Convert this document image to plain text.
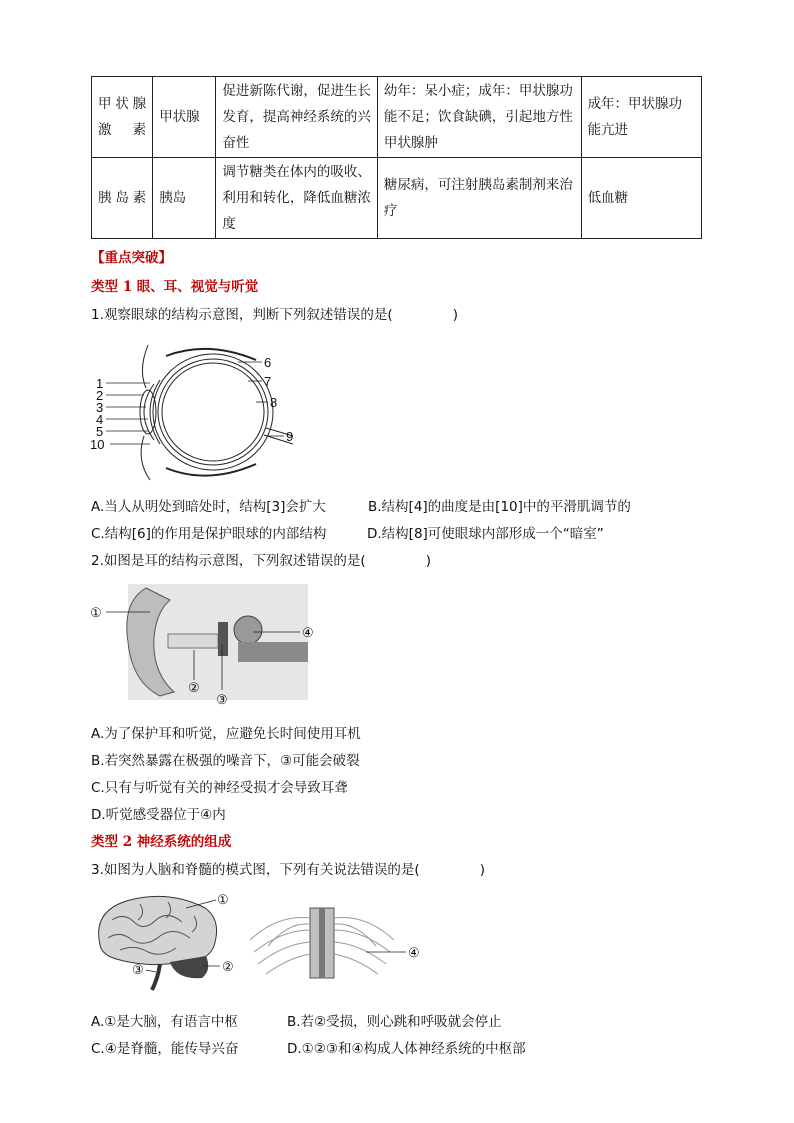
甲状腺激素	甲状腺	促进新陈代谢，促进生长发育，提高神经系统的兴奋性	幼年：呆小症；成年：甲状腺功能不足；饮食缺碘，引起地方性甲状腺肿	成年：甲状腺功能亢进
胰岛素	胰岛	调节糖类在体内的吸收、利用和转化，降低血糖浓度	糖尿病，可注射胰岛素制剂来治疗	低血糖
【重点突破】
类型 1 眼、耳、视觉与听觉
1.观察眼球的结构示意图，判断下列叙述错误的是(              )
1
2
3
4
5
10
6
7
8
9
A.当人从明处到暗处时，结构[3]会扩大	B.结构[4]的曲度是由[10]中的平滑肌调节的
C.结构[6]的作用是保护眼球的内部结构	D.结构[8]可使眼球内部形成一个“暗室”
2.如图是耳的结构示意图，下列叙述错误的是(              )
①
②
③
④
A.为了保护耳和听觉，应避免长时间使用耳机
B.若突然暴露在极强的噪音下，③可能会破裂
C.只有与听觉有关的神经受损才会导致耳聋
D.听觉感受器位于④内
类型 2 神经系统的组成
3.如图为人脑和脊髓的模式图，下列有关说法错误的是(              )
①
②
③
④
A.①是大脑，有语言中枢	B.若②受损，则心跳和呼吸就会停止
C.④是脊髓，能传导兴奋	D.①②③和④构成人体神经系统的中枢部
